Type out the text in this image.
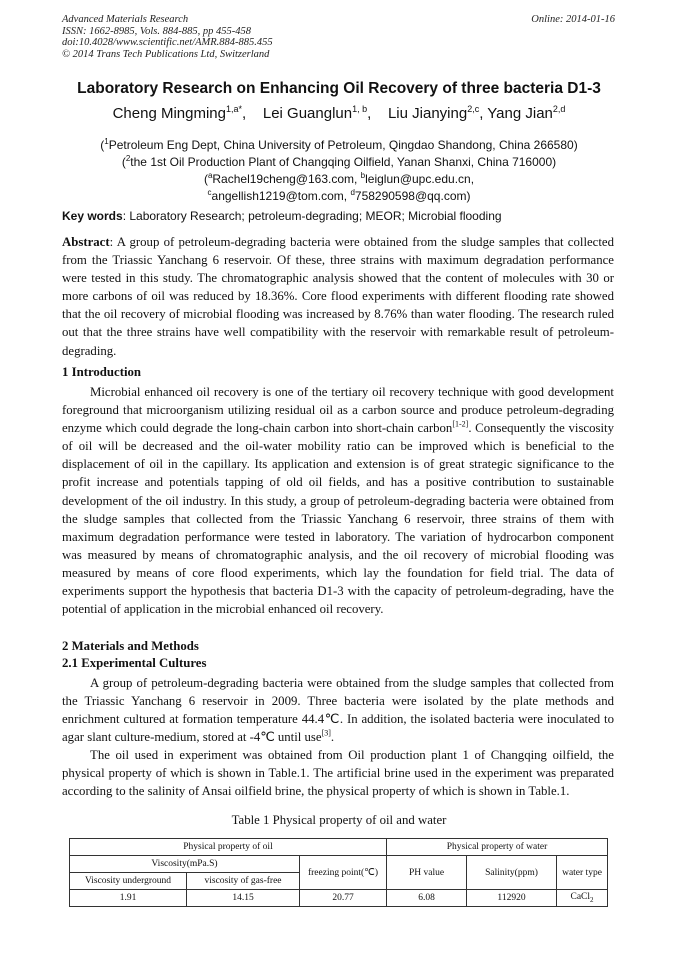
Advanced Materials Research
ISSN: 1662-8985, Vols. 884-885, pp 455-458
doi:10.4028/www.scientific.net/AMR.884-885.455
© 2014 Trans Tech Publications Ltd, Switzerland
Online: 2014-01-16
Laboratory Research on Enhancing Oil Recovery of three bacteria D1-3
Cheng Mingming$^{1,a*}$,    Lei Guanglun$^{1, b}$,    Liu Jianying$^{2,c}$, Yang Jian$^{2,d}$
($^1$Petroleum Eng Dept, China University of Petroleum, Qingdao Shandong, China 266580)
($^2$the 1st Oil Production Plant of Changqing Oilfield, Yanan Shanxi, China 716000)
($^a$Rachel19cheng@163.com, $^b$leiglun@upc.edu.cn,
$^c$angellish1219@tom.com, $^d$758290598@qq.com)
Key words: Laboratory Research; petroleum-degrading; MEOR; Microbial flooding
Abstract: A group of petroleum-degrading bacteria were obtained from the sludge samples that collected from the Triassic Yanchang 6 reservoir. Of these, three strains with maximum degradation performance were tested in this study. The chromatographic analysis showed that the content of molecules with 30 or more carbons of oil was reduced by 18.36%. Core flood experiments with different flooding rate showed that the oil recovery of microbial flooding was increased by 8.76% than water flooding. The research ruled out that the three strains have well compatibility with the reservoir with remarkable result of petroleum-degrading.
1 Introduction
Microbial enhanced oil recovery is one of the tertiary oil recovery technique with good development foreground that microorganism utilizing residual oil as a carbon source and produce petroleum-degrading enzyme which could degrade the long-chain carbon into short-chain carbon[1-2]. Consequently the viscosity of oil will be decreased and the oil-water mobility ratio can be improved which is beneficial to the displacement of oil in the capillary. Its application and extension is of great strategic significance to the profit increase and potentials tapping of old oil fields, and has a positive contribution to sustainable development of the oil industry. In this study, a group of petroleum-degrading bacteria were obtained from the sludge samples that collected from the Triassic Yanchang 6 reservoir, three strains of them with maximum degradation performance were tested in laboratory. The variation of hydrocarbon component was measured by means of chromatographic analysis, and the oil recovery of microbial flooding was measured by means of core flood experiments, which lay the foundation for field trial. The data of experiments support the hypothesis that bacteria D1-3 with the capacity of petroleum-degrading, have the potential of application in the microbial enhanced oil recovery.
2 Materials and Methods
2.1 Experimental Cultures
A group of petroleum-degrading bacteria were obtained from the sludge samples that collected from the Triassic Yanchang 6 reservoir in 2009. Three bacteria were isolated by the plate methods and enrichment cultured at formation temperature 44.4℃. In addition, the isolated bacteria were inoculated to agar slant culture-medium, stored at -4℃ until use[3].
The oil used in experiment was obtained from Oil production plant 1 of Changqing oilfield, the physical property of which is shown in Table.1. The artificial brine used in the experiment was preparated according to the salinity of Ansai oilfield brine, the physical property of which is shown in Table.1.
Table 1 Physical property of oil and water
Physical property of oil			Physical property of water		
Viscosity(mPa.S)		freezing point(℃)	PH value	Salinity(ppm)	water type
Viscosity underground	viscosity of gas-free				
1.91	14.15	20.77	6.08	112920	CaCl$_2$
